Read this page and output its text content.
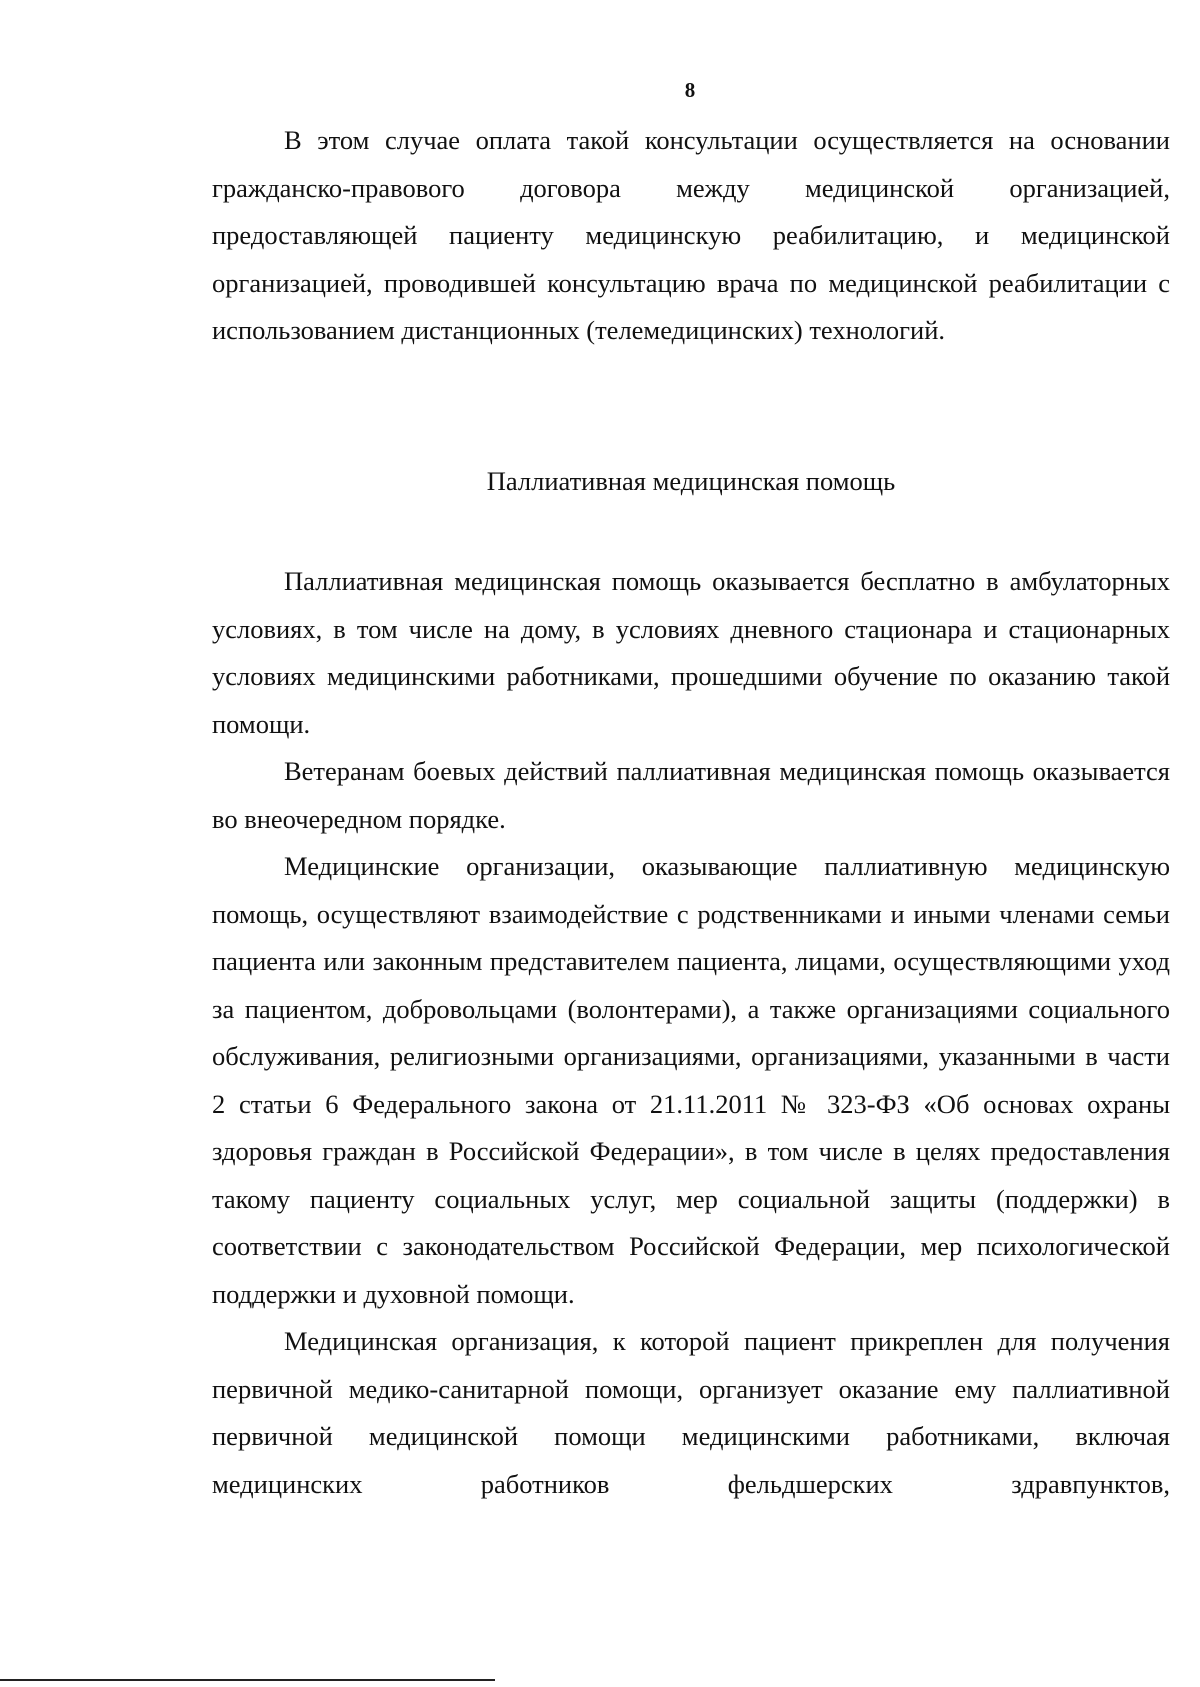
8

В этом случае оплата такой консультации осуществляется на основании гражданско-правового договора между медицинской организацией, предоставляющей пациенту медицинскую реабилитацию, и медицинской организацией, проводившей консультацию врача по медицинской реабилитации с использованием дистанционных (телемедицинских) технологий.

Паллиативная медицинская помощь

Паллиативная медицинская помощь оказывается бесплатно в амбулаторных условиях, в том числе на дому, в условиях дневного стационара и стационарных условиях медицинскими работниками, прошедшими обучение по оказанию такой помощи.

Ветеранам боевых действий паллиативная медицинская помощь оказывается во внеочередном порядке.

Медицинские организации, оказывающие паллиативную медицинскую помощь, осуществляют взаимодействие с родственниками и иными членами семьи пациента или законным представителем пациента, лицами, осуществляющими уход за пациентом, добровольцами (волонтерами), а также организациями социального обслуживания, религиозными организациями, организациями, указанными в части 2 статьи 6 Федерального закона от 21.11.2011 № 323-ФЗ «Об основах охраны здоровья граждан в Российской Федерации», в том числе в целях предоставления такому пациенту социальных услуг, мер социальной защиты (поддержки) в соответствии с законодательством Российской Федерации, мер психологической поддержки и духовной помощи.

Медицинская организация, к которой пациент прикреплен для получения первичной медико-санитарной помощи, организует оказание ему паллиативной первичной медицинской помощи медицинскими работниками, включая медицинских работников фельдшерских здравпунктов,
